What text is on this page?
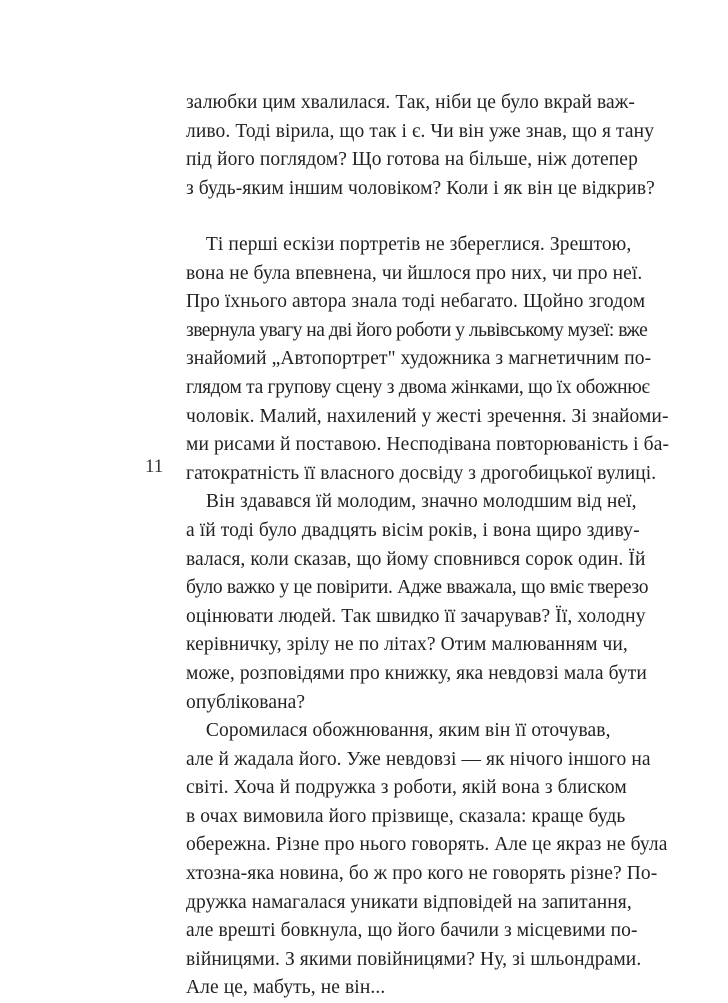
залюбки цим хвалилася. Так, ніби це було вкрай важ-
ливо. Тоді вірила, що так і є. Чи він уже знав, що я тану
під його поглядом? Що готова на більше, ніж дотепер
з будь-яким іншим чоловіком? Коли і як він це відкрив?
Ті перші ескізи портретів не збереглися. Зрештою,
вона не була впевнена, чи йшлося про них, чи про неї.
Про їхнього автора знала тоді небагато. Щойно згодом
звернула увагу на дві його роботи у львівському музеї: вже
знайомий „Автопортрет" художника з магнетичним по-
глядом та групову сцену з двома жінками, що їх обожнює
чоловік. Малий, нахилений у жесті зречення. Зі знайоми-
ми рисами й поставою. Несподівана повторюваність і ба-
гатократність її власного досвіду з дрогобицької вулиці.
Він здавався їй молодим, значно молодшим від неї,
а їй тоді було двадцять вісім років, і вона щиро здиву-
валася, коли сказав, що йому сповнився сорок один. Їй
було важко у це повірити. Адже вважала, що вміє тверезо
оцінювати людей. Так швидко її зачарував? Її, холодну
керівничку, зрілу не по літах? Отим малюванням чи,
може, розповідями про книжку, яка невдовзі мала бути
опублікована?
Соромилася обожнювання, яким він її оточував,
але й жадала його. Уже невдовзі — як нічого іншого на
світі. Хоча й подружка з роботи, якій вона з блиском
в очах вимовила його прізвище, сказала: краще будь
обережна. Різне про нього говорять. Але це якраз не була
хтозна-яка новина, бо ж про кого не говорять різне? По-
дружка намагалася уникати відповідей на запитання,
але врешті бовкнула, що його бачили з місцевими по-
війницями. З якими повійницями? Ну, зі шльондрами.
Але це, мабуть, не він...
11
